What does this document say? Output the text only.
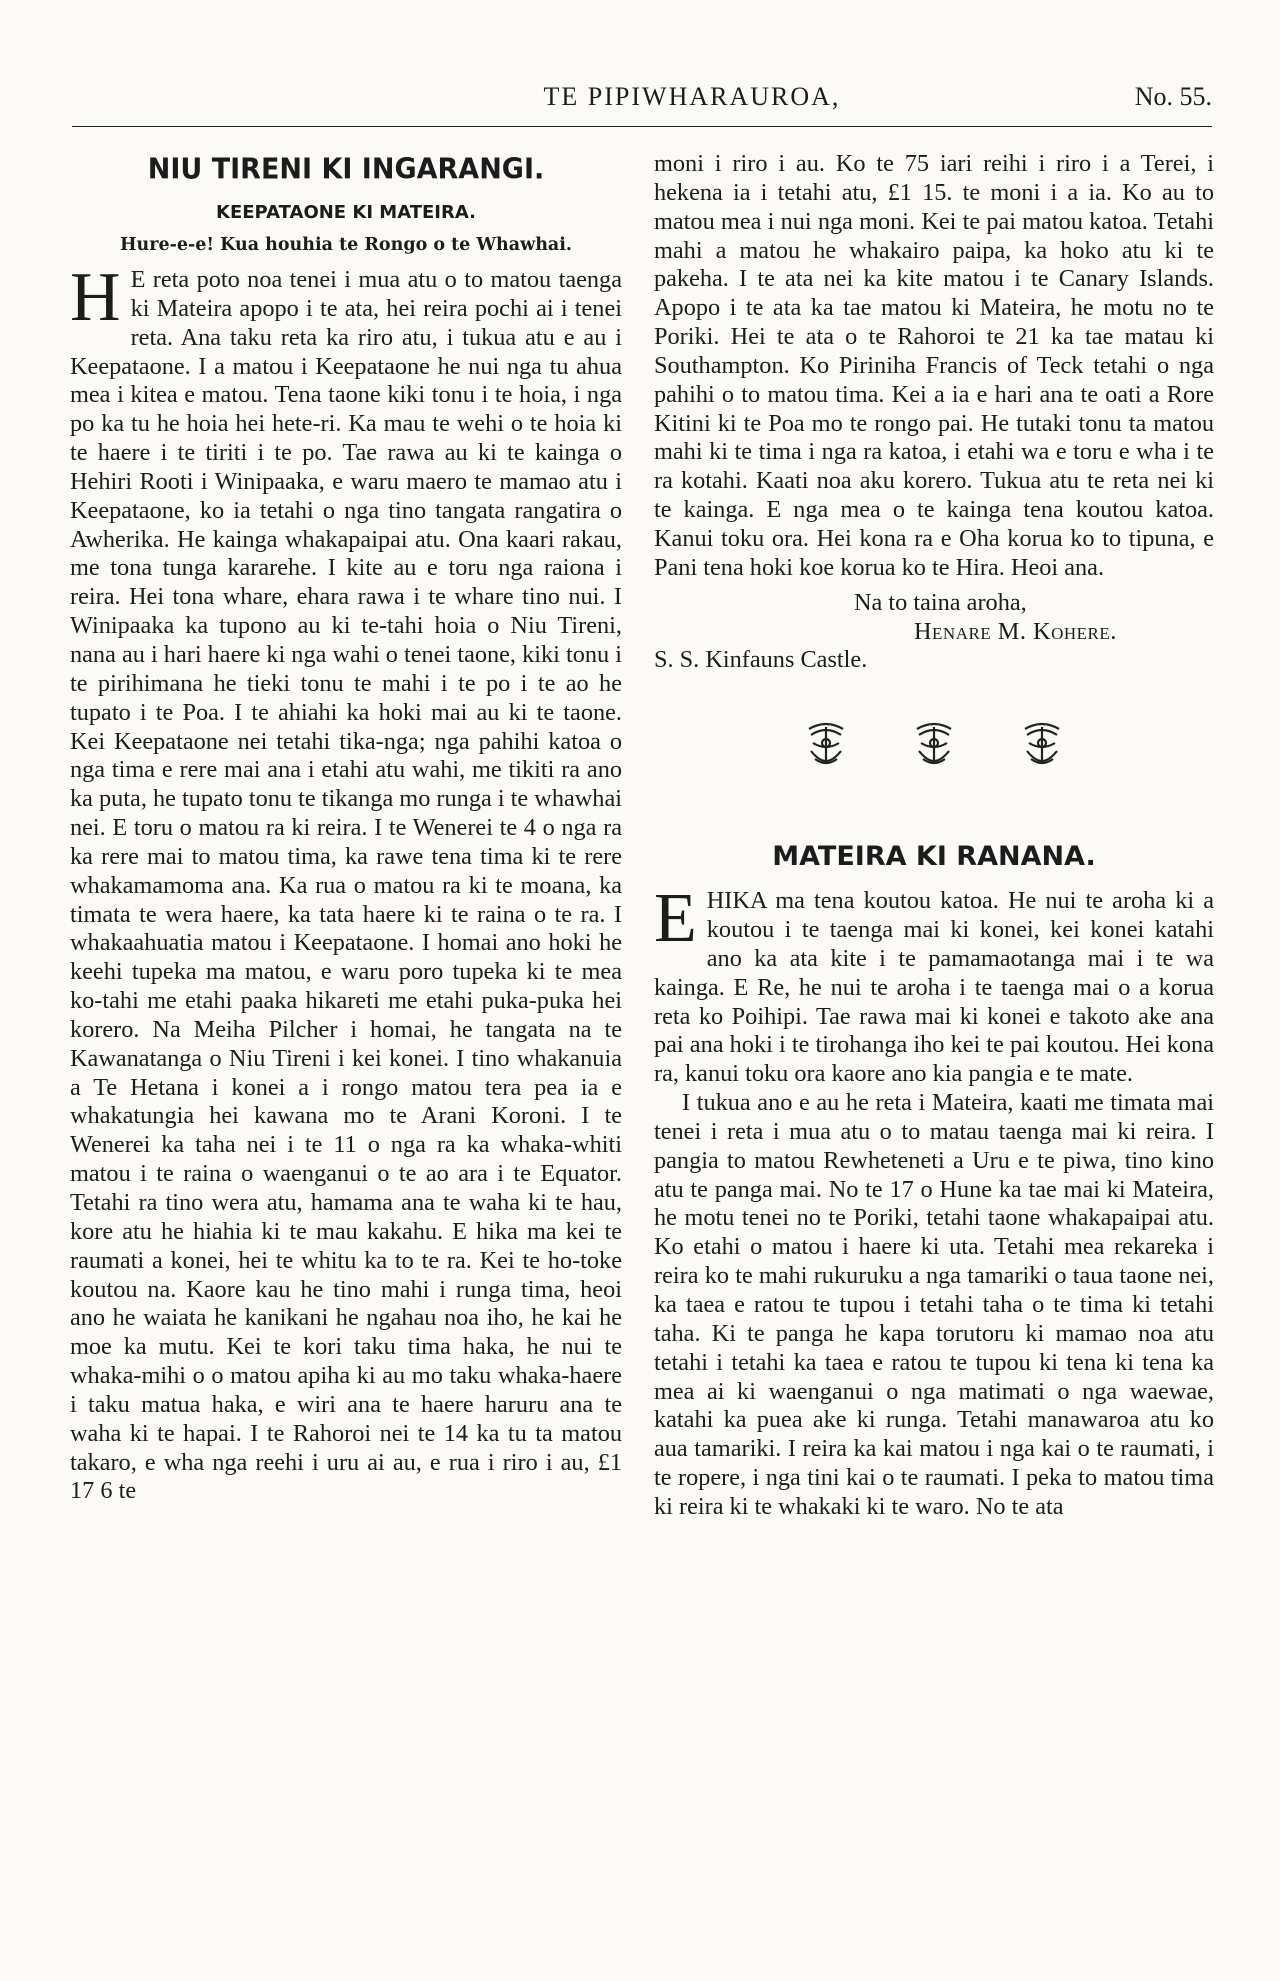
TE PIPIWHARAUROA,	No. 55.
NIU TIRENI KI INGARANGI.
KEEPATAONE KI MATEIRA.
Hure-e-e! Kua houhia te Rongo o te Whawhai.

H E reta poto noa tenei i mua atu o to matou taenga ki Mateira apopo i te ata, hei reira pochi ai i tenei reta. Ana taku reta ka riro atu, i tukua atu e au i Keepataone. I a matou i Keepataone he nui nga tu ahua mea i kitea e matou. Tena taone kiki tonu i te hoia, i nga po ka tu he hoia hei hete-ri. Ka mau te wehi o te hoia ki te haere i te tiriti i te po. Tae rawa au ki te kainga o Hehiri Rooti i Winipaaka, e waru maero te mamao atu i Keepataone, ko ia tetahi o nga tino tangata rangatira o Awherika. He kainga whakapaipai atu. Ona kaari rakau, me tona tunga kararehe. I kite au e toru nga raiona i reira. Hei tona whare, ehara rawa i te whare tino nui. I Winipaaka ka tupono au ki te-tahi hoia o Niu Tireni, nana au i hari haere ki nga wahi o tenei taone, kiki tonu i te pirihimana he tieki tonu te mahi i te po i te ao he tupato i te Poa. I te ahiahi ka hoki mai au ki te taone. Kei Keepataone nei tetahi tika-nga; nga pahihi katoa o nga tima e rere mai ana i etahi atu wahi, me tikiti ra ano ka puta, he tupato tonu te tikanga mo runga i te whawhai nei. E toru o matou ra ki reira. I te Wenerei te 4 o nga ra ka rere mai to matou tima, ka rawe tena tima ki te rere whakamamoma ana. Ka rua o matou ra ki te moana, ka timata te wera haere, ka tata haere ki te raina o te ra. I whakaahuatia matou i Keepataone. I homai ano hoki he keehi tupeka ma matou, e waru poro tupeka ki te mea ko-tahi me etahi paaka hikareti me etahi puka-puka hei korero. Na Meiha Pilcher i homai, he tangata na te Kawanatanga o Niu Tireni i kei konei. I tino whakanuia a Te Hetana i konei a i rongo matou tera pea ia e whakatungia hei kawana mo te Arani Koroni. I te Wenerei ka taha nei i te 11 o nga ra ka whaka-whiti matou i te raina o waenganui o te ao ara i te Equator. Tetahi ra tino wera atu, hamama ana te waha ki te hau, kore atu he hiahia ki te mau kakahu. E hika ma kei te raumati a konei, hei te whitu ka to te ra. Kei te ho-toke koutou na. Kaore kau he tino mahi i runga tima, heoi ano he waiata he kanikani he ngahau noa iho, he kai he moe ka mutu. Kei te kori taku tima haka, he nui te whaka-mihi o o matou apiha ki au mo taku whaka-haere i taku matua haka, e wiri ana te haere haruru ana te waha ki te hapai. I te Rahoroi nei te 14 ka tu ta matou takaro, e wha nga reehi i uru ai au, e rua i riro i au, £1 17 6 te

moni i riro i au. Ko te 75 iari reihi i riro i a Terei, i hekena ia i tetahi atu, £1 15. te moni i a ia. Ko au to matou mea i nui nga moni. Kei te pai matou katoa. Tetahi mahi a matou he whakairo paipa, ka hoko atu ki te pakeha. I te ata nei ka kite matou i te Canary Islands. Apopo i te ata ka tae matou ki Mateira, he motu no te Poriki. Hei te ata o te Rahoroi te 21 ka tae matau ki Southampton. Ko Piriniha Francis of Teck tetahi o nga pahihi o to matou tima. Kei a ia e hari ana te oati a Rore Kitini ki te Poa mo te rongo pai. He tutaki tonu ta matou mahi ki te tima i nga ra katoa, i etahi wa e toru e wha i te ra kotahi. Kaati noa aku korero. Tukua atu te reta nei ki te kainga. E nga mea o te kainga tena koutou katoa. Kanui toku ora. Hei kona ra e Oha korua ko to tipuna, e Pani tena hoki koe korua ko te Hira. Heoi ana.

Na to taina aroha,

Henare M. Kohere.

S. S. Kinfauns Castle.

MATEIRA KI RANANA.

E HIKA ma tena koutou katoa. He nui te aroha ki a koutou i te taenga mai ki konei, kei konei katahi ano ka ata kite i te pamamaotanga mai i te wa kainga. E Re, he nui te aroha i te taenga mai o a korua reta ko Poihipi. Tae rawa mai ki konei e takoto ake ana pai ana hoki i te tirohanga iho kei te pai koutou. Hei kona ra, kanui toku ora kaore ano kia pangia e te mate.

I tukua ano e au he reta i Mateira, kaati me timata mai tenei i reta i mua atu o to matau taenga mai ki reira. I pangia to matou Rewheteneti a Uru e te piwa, tino kino atu te panga mai. No te 17 o Hune ka tae mai ki Mateira, he motu tenei no te Poriki, tetahi taone whakapaipai atu. Ko etahi o matou i haere ki uta. Tetahi mea rekareka i reira ko te mahi rukuruku a nga tamariki o taua taone nei, ka taea e ratou te tupou i tetahi taha o te tima ki tetahi taha. Ki te panga he kapa torutoru ki mamao noa atu tetahi i tetahi ka taea e ratou te tupou ki tena ki tena ka mea ai ki waenganui o nga matimati o nga waewae, katahi ka puea ake ki runga. Tetahi manawaroa atu ko aua tamariki. I reira ka kai matou i nga kai o te raumati, i te ropere, i nga tini kai o te raumati. I peka to matou tima ki reira ki te whakaki ki te waro. No te ata
